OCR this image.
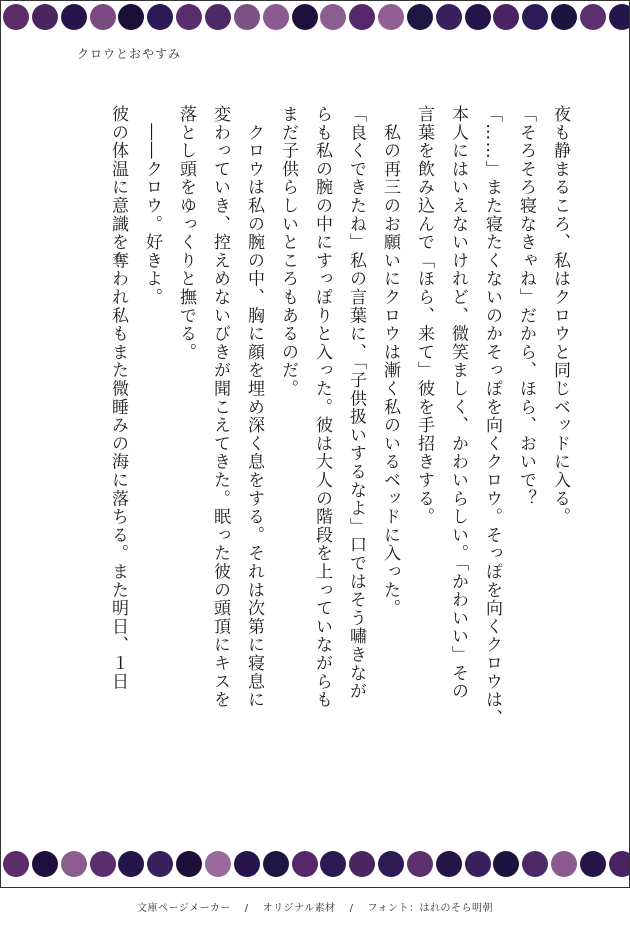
クロウとおやすみ
夜も静まるころ、私はクロウと同じベッドに入る。
「そろそろ寝なきゃね」だから、ほら、おいで？
「……」また寝たくないのかそっぽを向くクロウ。そっぽを向くクロウは、
本人にはいえないけれど、微笑ましく、かわいらしい。「かわいい」その
言葉を飲み込んで「ほら、来て」彼を手招きする。
　私の再三のお願いにクロウは漸く私のいるベッドに入った。
「良くできたね」私の言葉に、「子供扱いするなよ」口ではそう嘯きなが
らも私の腕の中にすっぽりと入った。彼は大人の階段を上っていながらも
まだ子供らしいところもあるのだ。
　クロウは私の腕の中、胸に顔を埋め深く息をする。それは次第に寝息に
変わっていき、控えめないびきが聞こえてきた。眠った彼の頭頂にキスを
落とし頭をゆっくりと撫でる。
　――クロウ。好きよ。
彼の体温に意識を奪われ私もまた微睡みの海に落ちる。また明日、１日
文庫ページメーカー / オリジナル素材 / フォント：はれのそら明朝
